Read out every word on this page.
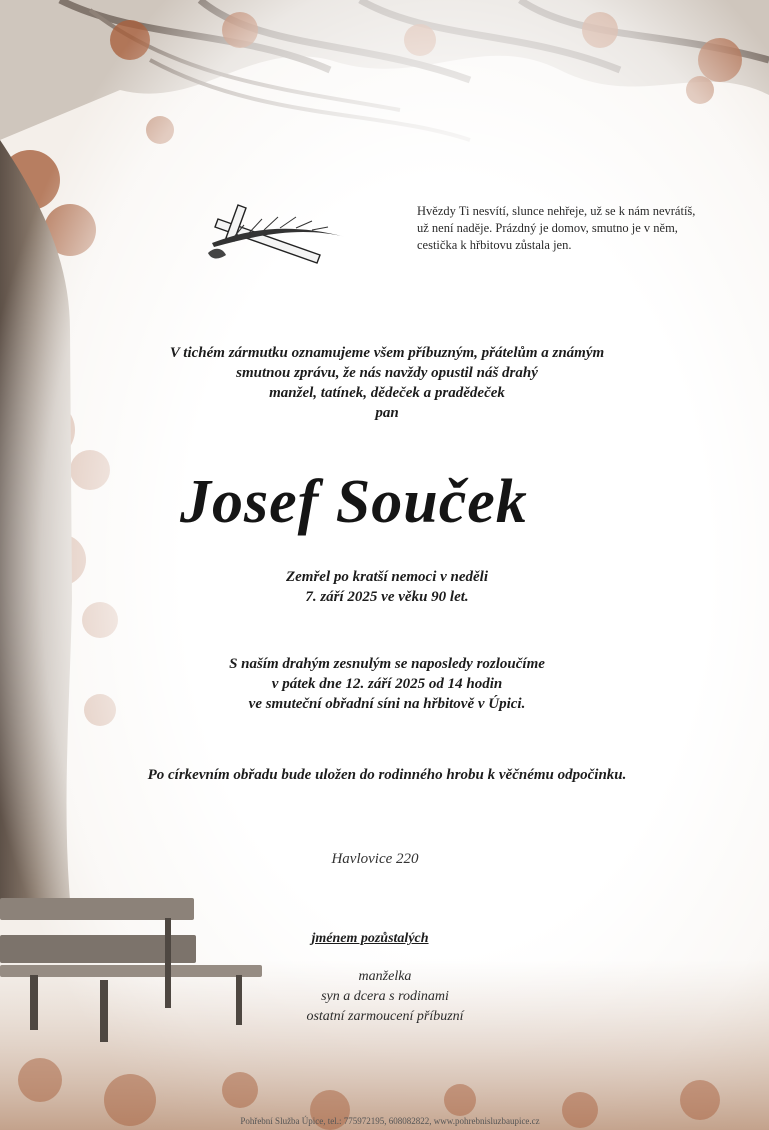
Hvězdy Ti nesvítí, slunce nehřeje, už se k nám nevrátíš,
už není naděje. Prázdný je domov, smutno je v něm,
cestička k hřbitovu zůstala jen.
V tichém zármutku oznamujeme všem příbuzným, přátelům a známým
smutnou zprávu, že nás navždy opustil náš drahý
manžel, tatínek, dědeček a pradědeček
pan
Josef Souček
Zemřel po kratší nemoci v neděli
7. září 2025 ve věku 90 let.
S naším drahým zesnulým se naposledy rozloučíme
v pátek dne 12. září 2025 od 14 hodin
ve smuteční obřadní síni na hřbitově v Úpici.
Po církevním obřadu bude uložen do rodinného hrobu k věčnému odpočinku.
Havlovice 220
jménem pozůstalých
manželka
syn a dcera s rodinami
ostatní zarmoucení příbuzní
Pohřební Služba Úpice, tel.: 775972195, 608082822, www.pohrebnisluzbaupice.cz
